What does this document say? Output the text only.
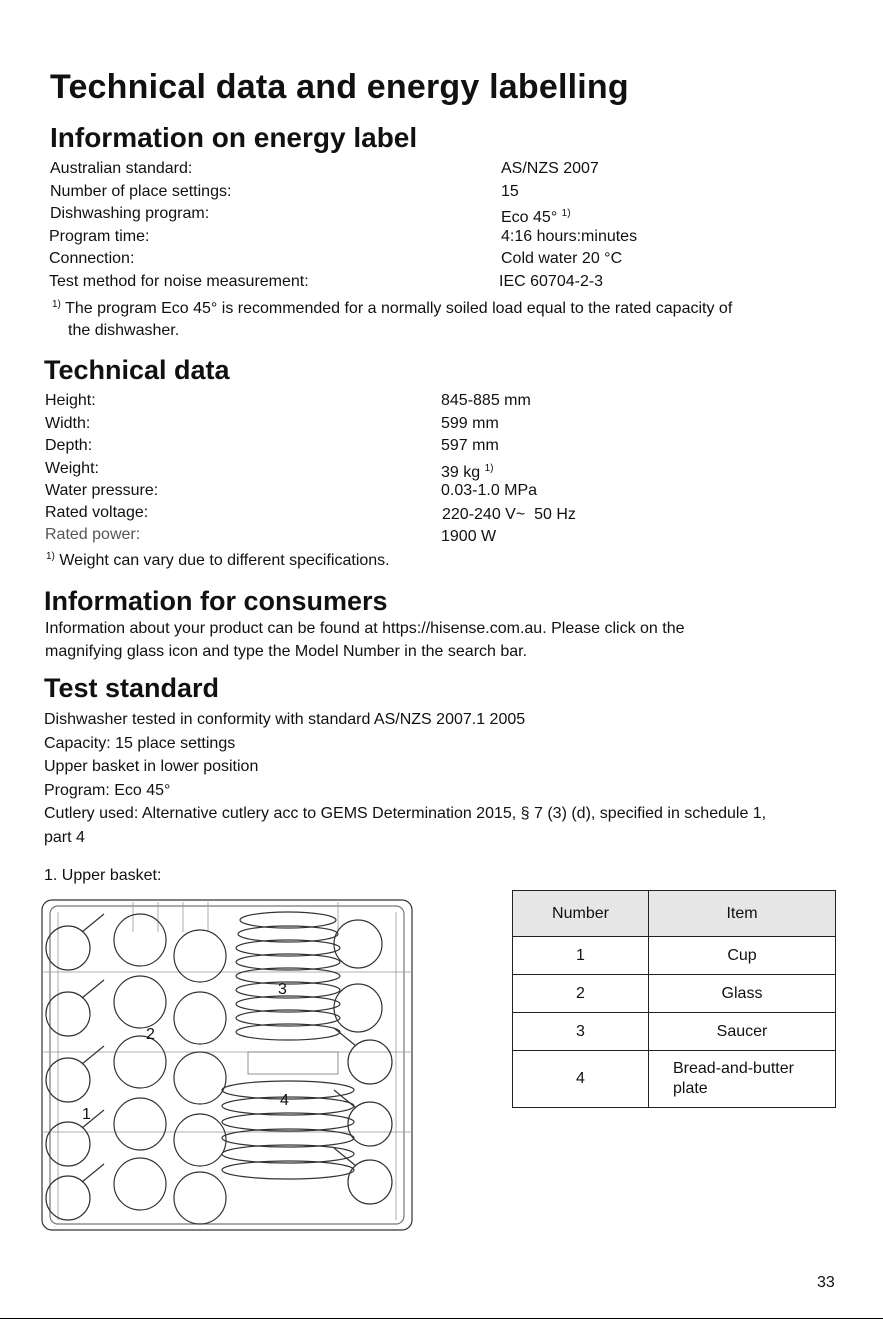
Technical data and energy labelling
Information on energy label
Australian standard:	AS/NZS 2007
Number of place settings:	15
Dishwashing program:	Eco 45° $^{1)}$
Program time:	4:16 hours:minutes
Connection:	Cold water 20 °C
Test method for noise measurement:	IEC 60704-2-3
$^{1)}$ The program Eco 45° is recommended for a normally soiled load equal to the rated capacity of
the dishwasher.
Technical data
Height:	845-885 mm
Width:	599 mm
Depth:	597 mm
Weight:	39 kg $^{1)}$
Water pressure:	0.03-1.0 MPa
Rated voltage:	220-240 V~  50 Hz
Rated power:	1900 W
$^{1)}$ Weight can vary due to different specifications.
Information for consumers
Information about your product can be found at https://hisense.com.au. Please click on the
magnifying glass icon and type the Model Number in the search bar.
Test standard
Dishwasher tested in conformity with standard AS/NZS 2007.1 2005
Capacity: 15 place settings
Upper basket in lower position
Program: Eco 45°
Cutlery used: Alternative cutlery acc to GEMS Determination 2015, § 7 (3) (d), specified in schedule 1,
part 4
1. Upper basket:
1
2
3
4
Number	Item
1	Cup
2	Glass
3	Saucer
4	Bread-and-butter
plate
33
